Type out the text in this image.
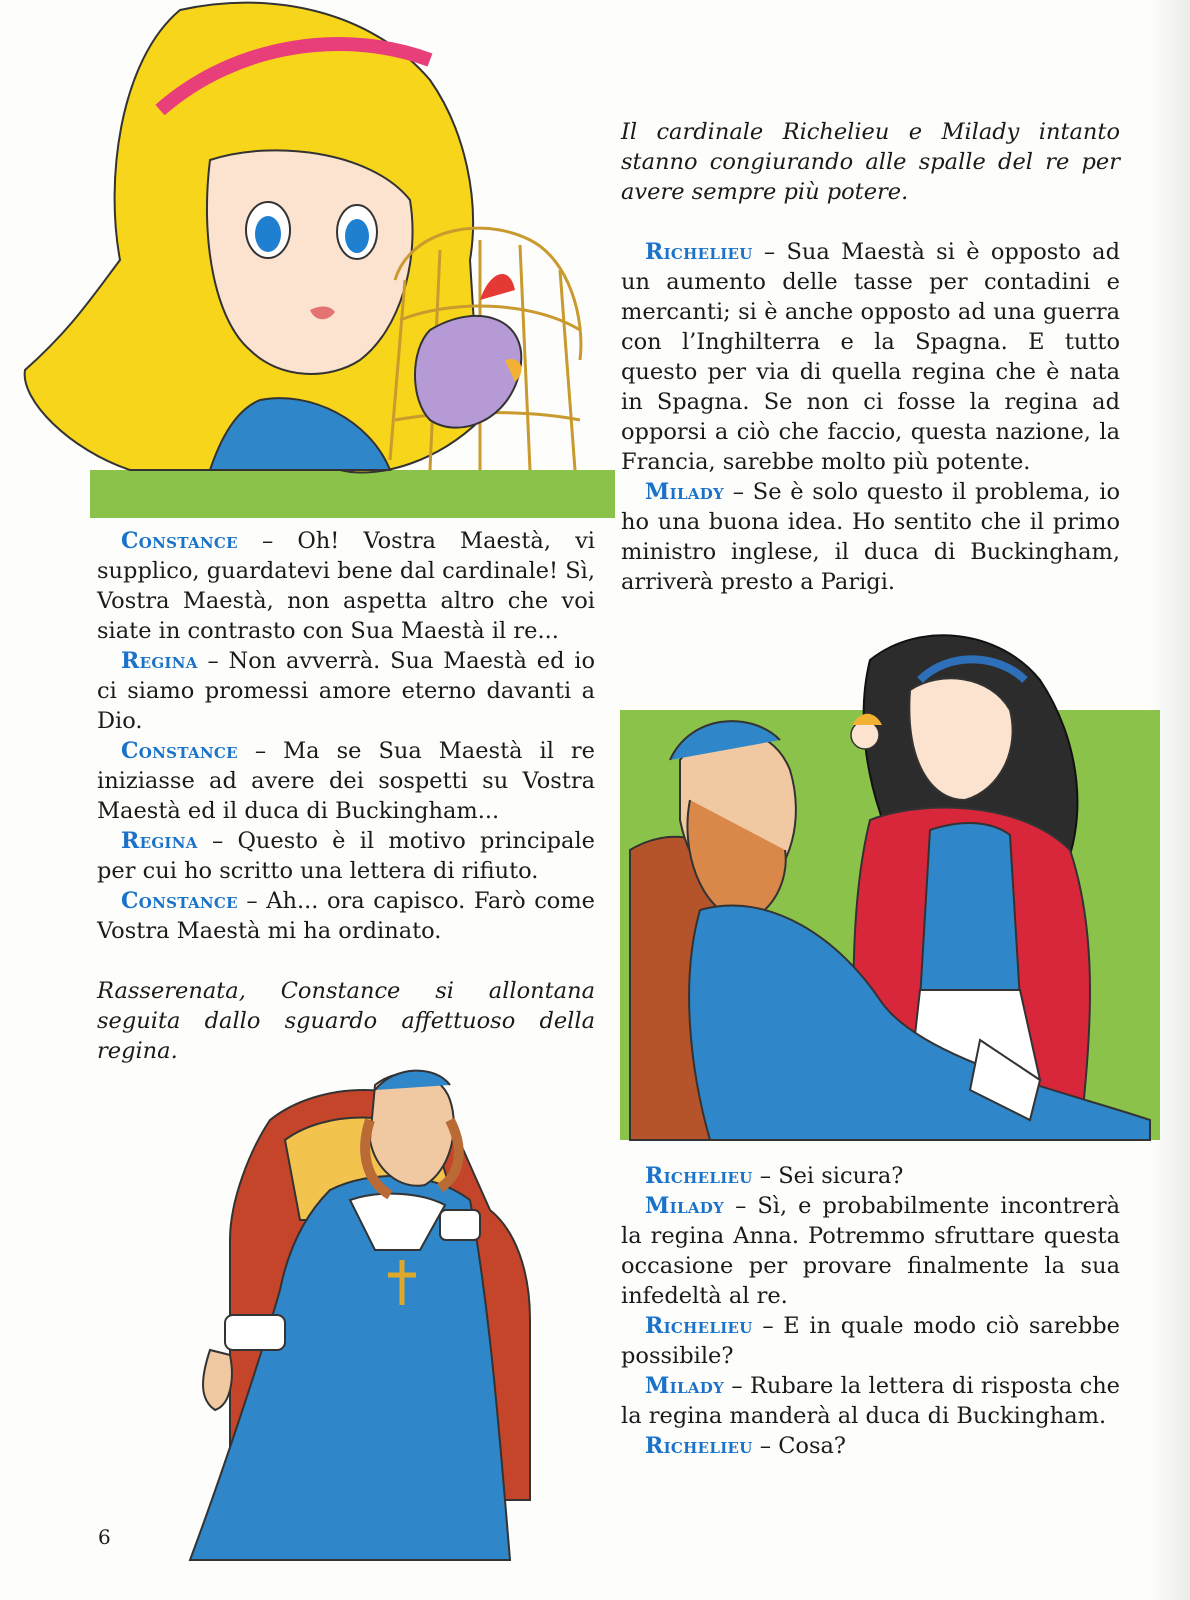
Il cardinale Richelieu e Milady intanto stanno congiurando alle spalle del re per avere sempre più potere.

Richelieu – Sua Maestà si è opposto ad un aumento delle tasse per contadini e mercanti; si è anche opposto ad una guerra con l’Inghilterra e la Spagna. E tutto questo per via di quella regina che è nata in Spagna. Se non ci fosse la regina ad opporsi a ciò che faccio, questa nazione, la Francia, sarebbe molto più potente.

Milady – Se è solo questo il problema, io ho una buona idea. Ho sentito che il primo ministro inglese, il duca di Buckingham, arriverà presto a Parigi.

Constance – Oh! Vostra Maestà, vi supplico, guardatevi bene dal cardinale! Sì, Vostra Maestà, non aspetta altro che voi siate in contrasto con Sua Maestà il re...

Regina – Non avverrà. Sua Maestà ed io ci siamo promessi amore eterno davanti a Dio.

Constance – Ma se Sua Maestà il re iniziasse ad avere dei sospetti su Vostra Maestà ed il duca di Buckingham...

Regina – Questo è il motivo principale per cui ho scritto una lettera di rifiuto.

Constance – Ah... ora capisco. Farò come Vostra Maestà mi ha ordinato.

Rasserenata, Constance si allontana seguita dallo sguardo affettuoso della regina.

Richelieu – Sei sicura?

Milady – Sì, e probabilmente incontrerà la regina Anna. Potremmo sfruttare questa occasione per provare finalmente la sua infedeltà al re.

Richelieu – E in quale modo ciò sarebbe possibile?

Milady – Rubare la lettera di risposta che la regina manderà al duca di Buckingham.

Richelieu – Cosa?

6
